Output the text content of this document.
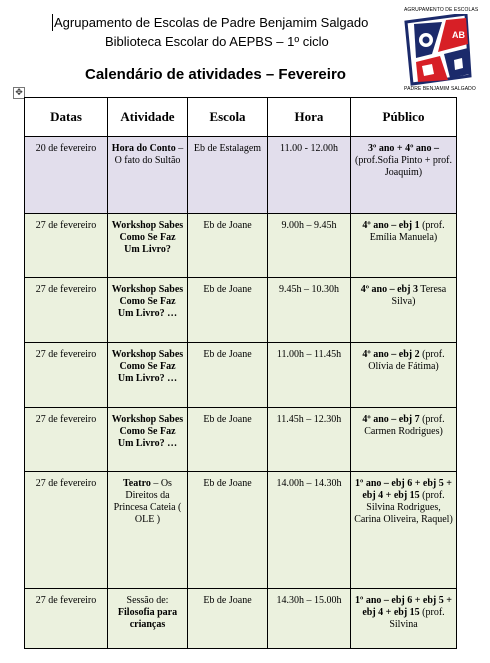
Agrupamento de Escolas de Padre Benjamim Salgado
Biblioteca Escolar do AEPBS – 1º ciclo
Calendário de atividades – Fevereiro
AGRUPAMENTO DE ESCOLAS
AB
PADRE BENJAMIM SALGADO
✥
Datas	Atividade	Escola	Hora	Público
20 de fevereiro	Hora do Conto – O fato do Sultão	Eb de Estalagem	11.00 - 12.00h	3º ano + 4º ano – (prof.Sofia Pinto + prof. Joaquim)
27 de fevereiro	Workshop Sabes Como Se Faz Um Livro?	Eb de Joane	9.00h – 9.45h	4º ano – ebj 1 (prof. Emília Manuela)
27 de fevereiro	Workshop Sabes Como Se Faz Um Livro? …	Eb de Joane	9.45h – 10.30h	4º ano – ebj 3 Teresa Silva)
27 de fevereiro	Workshop Sabes Como Se Faz Um Livro? …	Eb de Joane	11.00h – 11.45h	4º ano – ebj 2 (prof. Olívia de Fátima)
27 de fevereiro	Workshop Sabes Como Se Faz Um Livro? …	Eb de Joane	11.45h – 12.30h	4º ano – ebj 7 (prof. Carmen Rodrigues)
27 de fevereiro	Teatro – Os Direitos da Princesa Cateia ( OLE )	Eb de Joane	14.00h – 14.30h	1º ano – ebj 6 + ebj 5 + ebj 4 + ebj 15 (prof. Silvina Rodrigues, Carina Oliveira, Raquel)
27 de fevereiro	Sessão de: Filosofia para crianças	Eb de Joane	14.30h – 15.00h	1º ano – ebj 6 + ebj 5 + ebj 4 + ebj 15 (prof. Silvina
